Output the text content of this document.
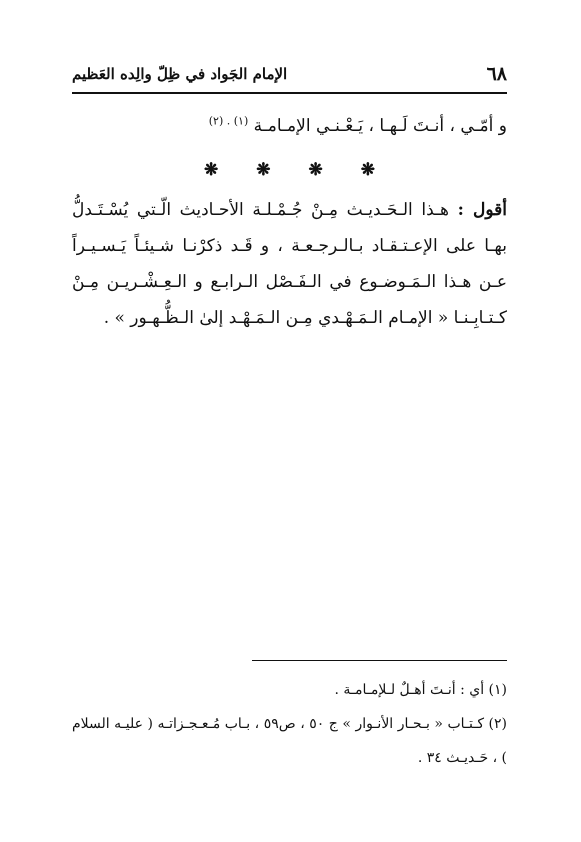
٦٨
الإمام الجَواد في ظِلّ والِده العَظيم

و أمّـي ، أنـتَ لَـهـا ، يَـعْـنـي الإمـامـة $^{(١) . (٢)}$

❋ ❋ ❋ ❋

أقول : هـذا الـحَـديـث مِـنْ جُـمْـلـة الأحـاديث الّـتي يُسْـتَـدلُّ بهـا على الإعـتـقـاد بـالـرجـعـة ، و قَـد ذكرْنـا شـيئـاً يَـسـيـراً عـن هـذا الـمَـوضـوع في الـفَـصْل الـرابـع و الـعِـشْـريـن مِـنْ كـتـابِـنـا « الإمـام الـمَـهْـدي مِـن الـمَـهْـد إلىٰ الـظُّـهـور » .

(١) أي : أنـتَ أهـلٌ لـلإمـامـة .

(٢) كـتـاب « بـحـار الأنـوار » ج ٥٠ ، ص٥٩ ، بـاب مُـعـجـزاتـه ( عليـه السلام ) ، حَـديـث ٣٤ .
